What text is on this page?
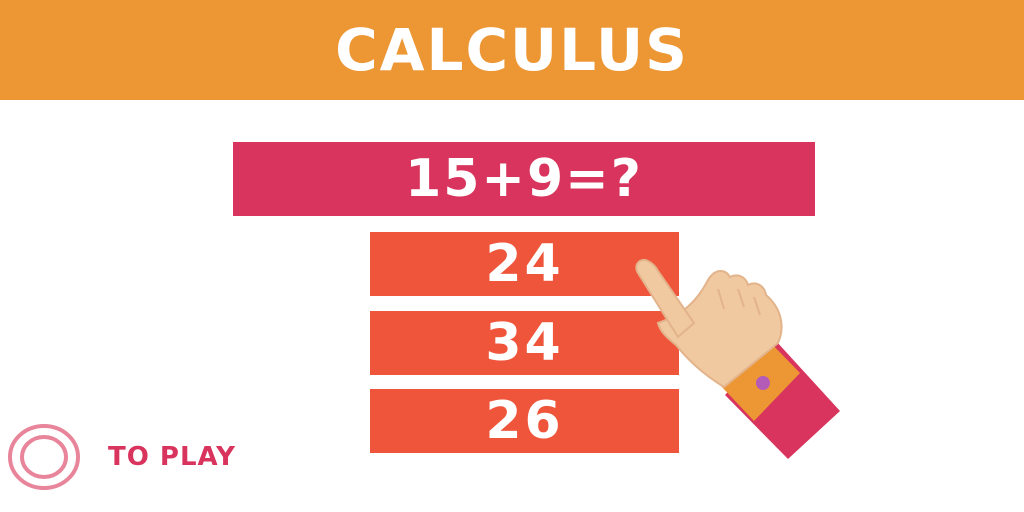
CALCULUS
15+9=?
24
34
26
TO PLAY
